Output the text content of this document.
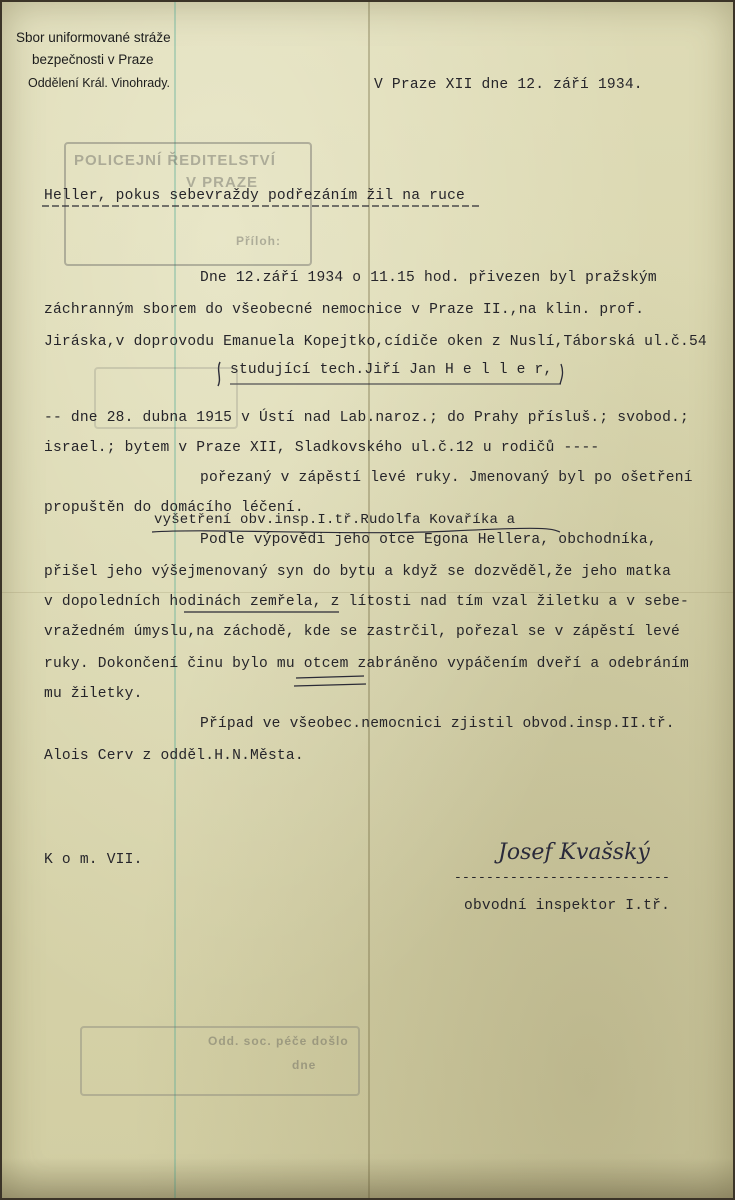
Sbor uniformované stráže
bezpečnosti v Praze
Oddělení Král. Vinohrady.	V Praze XII dne 12. září 1934.
POLICEJNÍ ŘEDITELSTVÍ
V PRAZE
Příloh:
Heller, pokus sebevraždy podřezáním žil na ruce
Dne 12.září 1934 o 11.15 hod. přivezen byl pražským
záchranným sborem do všeobecné nemocnice v Praze II.,na klin. prof.
Jiráska,v doprovodu Emanuela Kopejtko,cídiče oken z Nuslí,Táborská ul.č.54
studující tech.Jiří Jan H e l l e r,
-- dne 28. dubna 1915 v Ústí nad Lab.naroz.; do Prahy přísluš.; svobod.;
israel.; bytem v Praze XII, Sladkovského ul.č.12 u rodičů ----
pořezaný v zápěstí levé ruky. Jmenovaný byl po ošetření
propuštěn do domácího léčení.
vyšetření obv.insp.I.tř.Rudolfa Kovaříka a
Podle výpovědi jeho otce Egona Hellera, obchodníka,
přišel jeho výšejmenovaný syn do bytu a když se dozvěděl,že jeho matka
v dopoledních hodinách zemřela, z lítosti nad tím vzal žiletku a v sebe-
vražedném úmyslu,na záchodě, kde se zastrčil, pořezal se v zápěstí levé
ruky. Dokončení činu bylo mu otcem zabráněno vypáčením dveří a odebráním
mu žiletky.
Případ ve všeobec.nemocnici zjistil obvod.insp.II.tř.
Alois Cerv z odděl.H.N.Města.
K o m. VII.	Josef Kvašský
---------------------------
obvodní inspektor I.tř.
Odd. soc. péče došlo
dne
